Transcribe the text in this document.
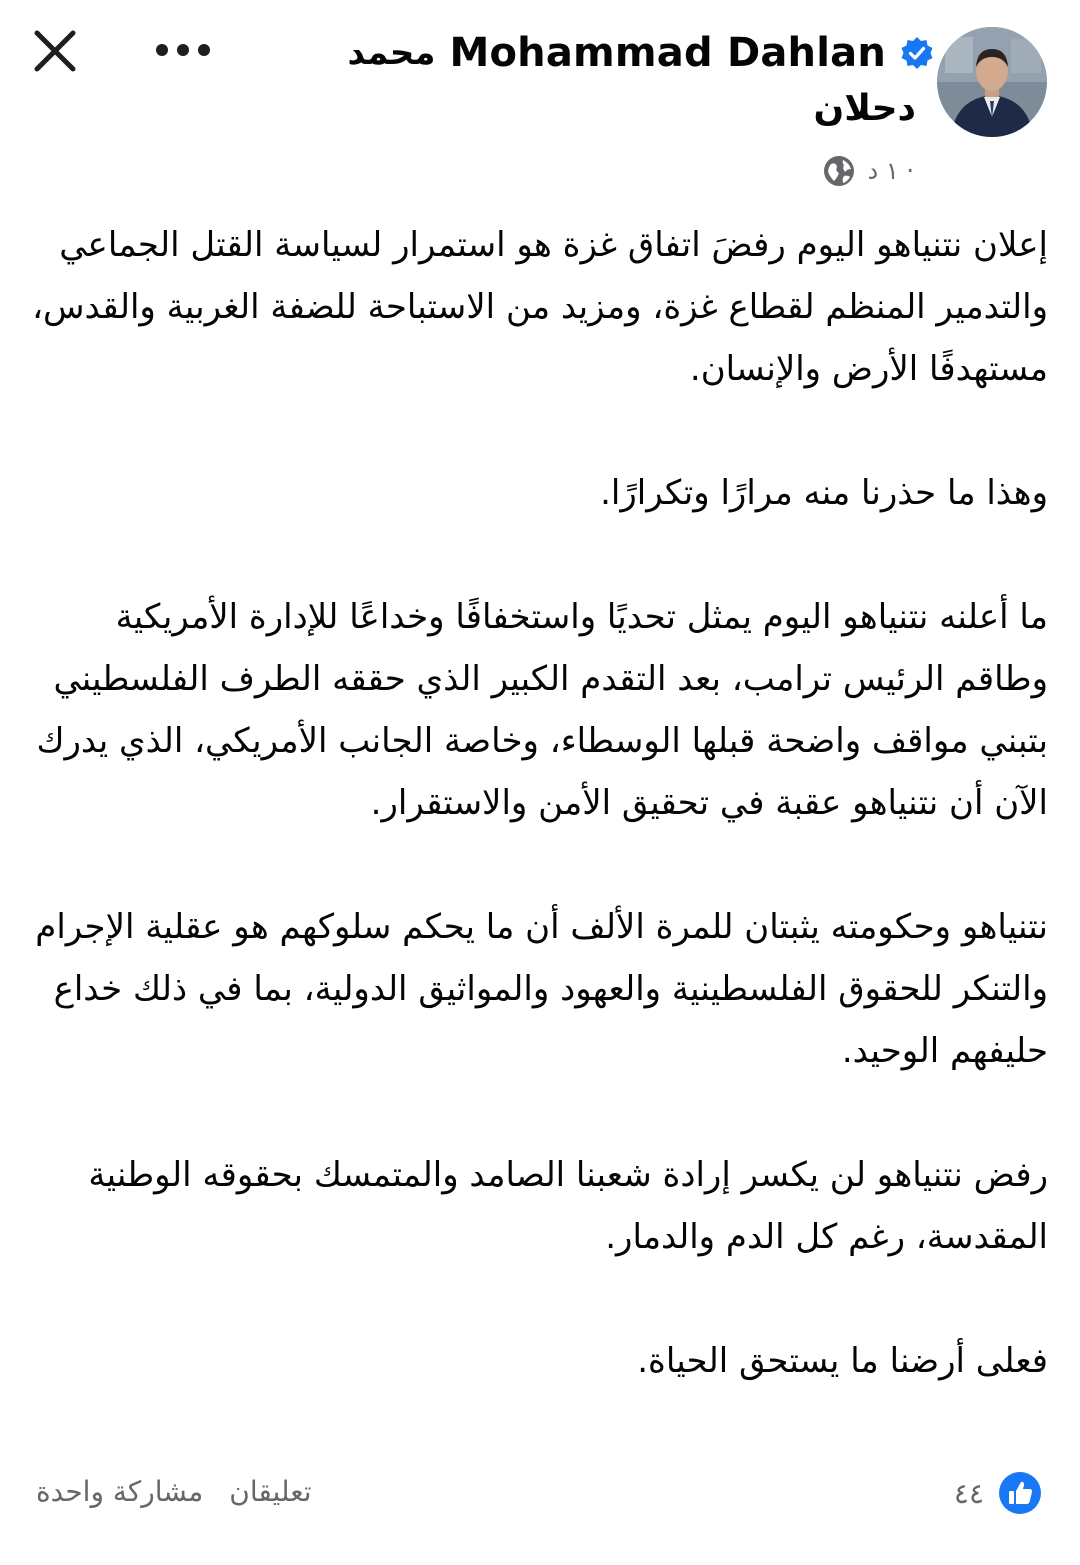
محمد Mohammad Dahlan
دحلان
١ د ·

إعلان نتنياهو اليوم رفضَ اتفاق غزة هو استمرار لسياسة القتل الجماعي والتدمير المنظم لقطاع غزة، ومزيد من الاستباحة للضفة الغربية والقدس، مستهدفًا الأرض والإنسان.

وهذا ما حذرنا منه مرارًا وتكرارًا.

ما أعلنه نتنياهو اليوم يمثل تحديًا واستخفافًا وخداعًا للإدارة الأمريكية وطاقم الرئيس ترامب، بعد التقدم الكبير الذي حققه الطرف الفلسطيني بتبني مواقف واضحة قبلها الوسطاء، وخاصة الجانب الأمريكي، الذي يدرك الآن أن نتنياهو عقبة في تحقيق الأمن والاستقرار.

نتنياهو وحكومته يثبتان للمرة الألف أن ما يحكم سلوكهم هو عقلية الإجرام والتنكر للحقوق الفلسطينية والعهود والمواثيق الدولية، بما في ذلك خداع حليفهم الوحيد.

رفض نتنياهو لن يكسر إرادة شعبنا الصامد والمتمسك بحقوقه الوطنية المقدسة، رغم كل الدم والدمار.

فعلى أرضنا ما يستحق الحياة.

تعليقان
مشاركة واحدة	٤٤
